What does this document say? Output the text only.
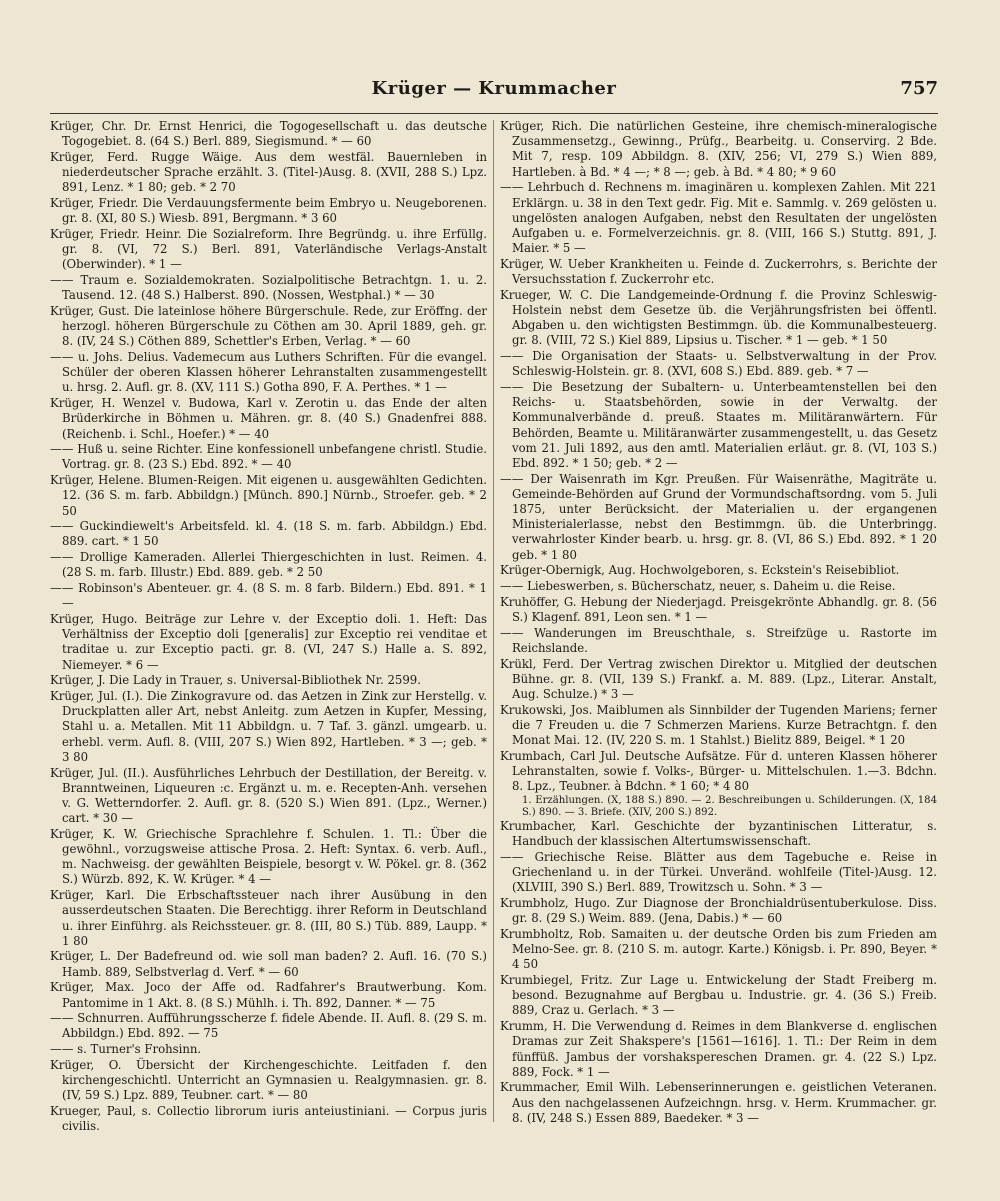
Krüger — Krummacher	757

Krüger, Chr. Dr. Ernst Henrici, die Togogesellschaft u. das deutsche Togogebiet. 8. (64 S.) Berl. 889, Siegismund. * — 60

Krüger, Ferd. Rugge Wäige. Aus dem westfäl. Bauernleben in niederdeutscher Sprache erzählt. 3. (Titel-)Ausg. 8. (XVII, 288 S.) Lpz. 891, Lenz. * 1 80; geb. * 2 70

Krüger, Friedr. Die Verdauungsfermente beim Embryo u. Neugeborenen. gr. 8. (XI, 80 S.) Wiesb. 891, Bergmann. * 3 60

Krüger, Friedr. Heinr. Die Sozialreform. Ihre Begründg. u. ihre Erfüllg. gr. 8. (VI, 72 S.) Berl. 891, Vaterländische Verlags-Anstalt (Oberwinder). * 1 —

—— Traum e. Sozialdemokraten. Sozialpolitische Betrachtgn. 1. u. 2. Tausend. 12. (48 S.) Halberst. 890. (Nossen, Westphal.) * — 30

Krüger, Gust. Die lateinlose höhere Bürgerschule. Rede, zur Eröffng. der herzogl. höheren Bürgerschule zu Cöthen am 30. April 1889, geh. gr. 8. (IV, 24 S.) Cöthen 889, Schettler's Erben, Verlag. * — 60

—— u. Johs. Delius. Vademecum aus Luthers Schriften. Für die evangel. Schüler der oberen Klassen höherer Lehranstalten zusammengestellt u. hrsg. 2. Aufl. gr. 8. (XV, 111 S.) Gotha 890, F. A. Perthes. * 1 —

Krüger, H. Wenzel v. Budowa, Karl v. Zerotin u. das Ende der alten Brüderkirche in Böhmen u. Mähren. gr. 8. (40 S.) Gnadenfrei 888. (Reichenb. i. Schl., Hoefer.) * — 40

—— Huß u. seine Richter. Eine konfessionell unbefangene christl. Studie. Vortrag. gr. 8. (23 S.) Ebd. 892. * — 40

Krüger, Helene. Blumen-Reigen. Mit eigenen u. ausgewählten Gedichten. 12. (36 S. m. farb. Abbildgn.) [Münch. 890.] Nürnb., Stroefer. geb. * 2 50

—— Guckindiewelt's Arbeitsfeld. kl. 4. (18 S. m. farb. Abbildgn.) Ebd. 889. cart. * 1 50

—— Drollige Kameraden. Allerlei Thiergeschichten in lust. Reimen. 4. (28 S. m. farb. Illustr.) Ebd. 889. geb. * 2 50

—— Robinson's Abenteuer. gr. 4. (8 S. m. 8 farb. Bildern.) Ebd. 891. * 1 —

Krüger, Hugo. Beiträge zur Lehre v. der Exceptio doli. 1. Heft: Das Verhältniss der Exceptio doli [generalis] zur Exceptio rei venditae et traditae u. zur Exceptio pacti. gr. 8. (VI, 247 S.) Halle a. S. 892, Niemeyer. * 6 —

Krüger, J. Die Lady in Trauer, s. Universal-Bibliothek Nr. 2599.

Krüger, Jul. (I.). Die Zinkogravure od. das Aetzen in Zink zur Herstellg. v. Druckplatten aller Art, nebst Anleitg. zum Aetzen in Kupfer, Messing, Stahl u. a. Metallen. Mit 11 Abbildgn. u. 7 Taf. 3. gänzl. umgearb. u. erhebl. verm. Aufl. 8. (VIII, 207 S.) Wien 892, Hartleben. * 3 —; geb. * 3 80

Krüger, Jul. (II.). Ausführliches Lehrbuch der Destillation, der Bereitg. v. Branntweinen, Liqueuren :c. Ergänzt u. m. e. Recepten-Anh. versehen v. G. Wetterndorfer. 2. Aufl. gr. 8. (520 S.) Wien 891. (Lpz., Werner.) cart. * 30 —

Krüger, K. W. Griechische Sprachlehre f. Schulen. 1. Tl.: Über die gewöhnl., vorzugsweise attische Prosa. 2. Heft: Syntax. 6. verb. Aufl., m. Nachweisg. der gewählten Beispiele, besorgt v. W. Pökel. gr. 8. (362 S.) Würzb. 892, K. W. Krüger. * 4 —

Krüger, Karl. Die Erbschaftssteuer nach ihrer Ausübung in den ausserdeutschen Staaten. Die Berechtigg. ihrer Reform in Deutschland u. ihrer Einführg. als Reichssteuer. gr. 8. (III, 80 S.) Tüb. 889, Laupp. * 1 80

Krüger, L. Der Badefreund od. wie soll man baden? 2. Aufl. 16. (70 S.) Hamb. 889, Selbstverlag d. Verf. * — 60

Krüger, Max. Joco der Affe od. Radfahrer's Brautwerbung. Kom. Pantomime in 1 Akt. 8. (8 S.) Mühlh. i. Th. 892, Danner. * — 75

—— Schnurren. Aufführungsscherze f. fidele Abende. II. Aufl. 8. (29 S. m. Abbildgn.) Ebd. 892. — 75

—— s. Turner's Frohsinn.

Krüger, O. Übersicht der Kirchengeschichte. Leitfaden f. den kirchengeschichtl. Unterricht an Gymnasien u. Realgymnasien. gr. 8. (IV, 59 S.) Lpz. 889, Teubner. cart. * — 80

Krueger, Paul, s. Collectio librorum iuris anteiustiniani. — Corpus juris civilis.

Krüger, Rich. Die natürlichen Gesteine, ihre chemisch-mineralogische Zusammensetzg., Gewinng., Prüfg., Bearbeitg. u. Conservirg. 2 Bde. Mit 7, resp. 109 Abbildgn. 8. (XIV, 256; VI, 279 S.) Wien 889, Hartleben. à Bd. * 4 —; * 8 —; geb. à Bd. * 4 80; * 9 60

—— Lehrbuch d. Rechnens m. imaginären u. komplexen Zahlen. Mit 221 Erklärgn. u. 38 in den Text gedr. Fig. Mit e. Sammlg. v. 269 gelösten u. ungelösten analogen Aufgaben, nebst den Resultaten der ungelösten Aufgaben u. e. Formelverzeichnis. gr. 8. (VIII, 166 S.) Stuttg. 891, J. Maier. * 5 —

Krüger, W. Ueber Krankheiten u. Feinde d. Zuckerrohrs, s. Berichte der Versuchsstation f. Zuckerrohr etc.

Krueger, W. C. Die Landgemeinde-Ordnung f. die Provinz Schleswig-Holstein nebst dem Gesetze üb. die Verjährungsfristen bei öffentl. Abgaben u. den wichtigsten Bestimmgn. üb. die Kommunalbesteuerg. gr. 8. (VIII, 72 S.) Kiel 889, Lipsius u. Tischer. * 1 — geb. * 1 50

—— Die Organisation der Staats- u. Selbstverwaltung in der Prov. Schleswig-Holstein. gr. 8. (XVI, 608 S.) Ebd. 889. geb. * 7 —

—— Die Besetzung der Subaltern- u. Unterbeamtenstellen bei den Reichs- u. Staatsbehörden, sowie in der Verwaltg. der Kommunalverbände d. preuß. Staates m. Militäranwärtern. Für Behörden, Beamte u. Militäranwärter zusammengestellt, u. das Gesetz vom 21. Juli 1892, aus den amtl. Materialien erläut. gr. 8. (VI, 103 S.) Ebd. 892. * 1 50; geb. * 2 —

—— Der Waisenrath im Kgr. Preußen. Für Waisenräthe, Magiträte u. Gemeinde-Behörden auf Grund der Vormundschaftsordng. vom 5. Juli 1875, unter Berücksicht. der Materialien u. der ergangenen Ministerialerlasse, nebst den Bestimmgn. üb. die Unterbringg. verwahrloster Kinder bearb. u. hrsg. gr. 8. (VI, 86 S.) Ebd. 892. * 1 20 geb. * 1 80

Krüger-Obernigk, Aug. Hochwolgeboren, s. Eckstein's Reisebibliot.

—— Liebeswerben, s. Bücherschatz, neuer, s. Daheim u. die Reise.

Kruhöffer, G. Hebung der Niederjagd. Preisgekrönte Abhandlg. gr. 8. (56 S.) Klagenf. 891, Leon sen. * 1 —

—— Wanderungen im Breuschthale, s. Streifzüge u. Rastorte im Reichslande.

Krükl, Ferd. Der Vertrag zwischen Direktor u. Mitglied der deutschen Bühne. gr. 8. (VII, 139 S.) Frankf. a. M. 889. (Lpz., Literar. Anstalt, Aug. Schulze.) * 3 —

Krukowski, Jos. Maiblumen als Sinnbilder der Tugenden Mariens; ferner die 7 Freuden u. die 7 Schmerzen Mariens. Kurze Betrachtgn. f. den Monat Mai. 12. (IV, 220 S. m. 1 Stahlst.) Bielitz 889, Beigel. * 1 20

Krumbach, Carl Jul. Deutsche Aufsätze. Für d. unteren Klassen höherer Lehranstalten, sowie f. Volks-, Bürger- u. Mittelschulen. 1.—3. Bdchn. 8. Lpz., Teubner. à Bdchn. * 1 60; * 4 80

1. Erzählungen. (X, 188 S.) 890. — 2. Beschreibungen u. Schilderungen. (X, 184 S.) 890. — 3. Briefe. (XIV, 200 S.) 892.

Krumbacher, Karl. Geschichte der byzantinischen Litteratur, s. Handbuch der klassischen Altertumswissenschaft.

—— Griechische Reise. Blätter aus dem Tagebuche e. Reise in Griechenland u. in der Türkei. Unveränd. wohlfeile (Titel-)Ausg. 12. (XLVIII, 390 S.) Berl. 889, Trowitzsch u. Sohn. * 3 —

Krumbholz, Hugo. Zur Diagnose der Bronchialdrüsentuberkulose. Diss. gr. 8. (29 S.) Weim. 889. (Jena, Dabis.) * — 60

Krumbholtz, Rob. Samaiten u. der deutsche Orden bis zum Frieden am Melno-See. gr. 8. (210 S. m. autogr. Karte.) Königsb. i. Pr. 890, Beyer. * 4 50

Krumbiegel, Fritz. Zur Lage u. Entwickelung der Stadt Freiberg m. besond. Bezugnahme auf Bergbau u. Industrie. gr. 4. (36 S.) Freib. 889, Craz u. Gerlach. * 3 —

Krumm, H. Die Verwendung d. Reimes in dem Blankverse d. englischen Dramas zur Zeit Shakspere's [1561—1616]. 1. Tl.: Der Reim in dem fünffüß. Jambus der vorshakspereschen Dramen. gr. 4. (22 S.) Lpz. 889, Fock. * 1 —

Krummacher, Emil Wilh. Lebenserinnerungen e. geistlichen Veteranen. Aus den nachgelassenen Aufzeichngn. hrsg. v. Herm. Krummacher. gr. 8. (IV, 248 S.) Essen 889, Baedeker. * 3 —
